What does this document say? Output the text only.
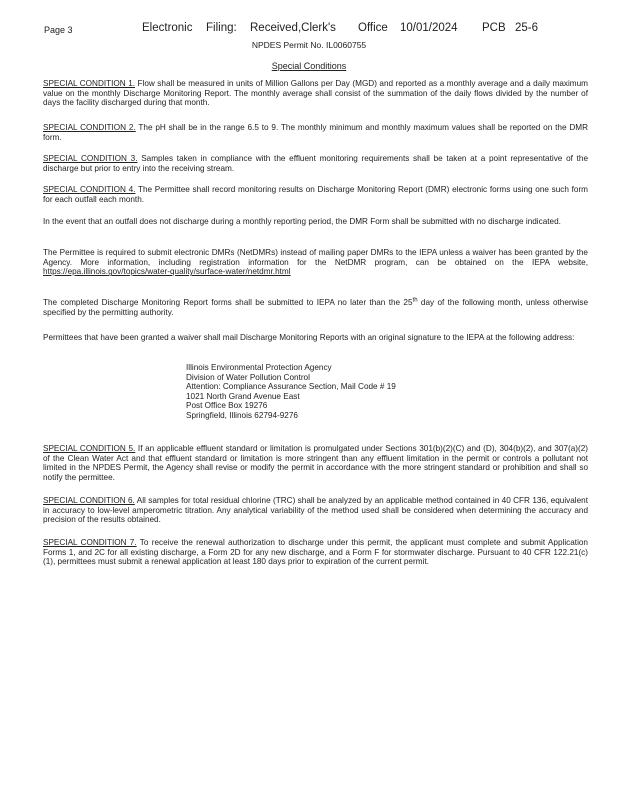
Page 3	Electronic Filing: Received,Clerk's Office 10/01/2024 PCB 25-6
NPDES Permit No. IL0060755
Special Conditions

SPECIAL CONDITION 1. Flow shall be measured in units of Million Gallons per Day (MGD) and reported as a monthly average and a daily maximum value on the monthly Discharge Monitoring Report. The monthly average shall consist of the summation of the daily flows divided by the number of days the facility discharged during that month.

SPECIAL CONDITION 2. The pH shall be in the range 6.5 to 9. The monthly minimum and monthly maximum values shall be reported on the DMR form.

SPECIAL CONDITION 3. Samples taken in compliance with the effluent monitoring requirements shall be taken at a point representative of the discharge but prior to entry into the receiving stream.

SPECIAL CONDITION 4. The Permittee shall record monitoring results on Discharge Monitoring Report (DMR) electronic forms using one such form for each outfall each month.

In the event that an outfall does not discharge during a monthly reporting period, the DMR Form shall be submitted with no discharge indicated.

The Permittee is required to submit electronic DMRs (NetDMRs) instead of mailing paper DMRs to the IEPA unless a waiver has been granted by the Agency. More information, including registration information for the NetDMR program, can be obtained on the IEPA website, https://epa.illinois.gov/topics/water-quality/surface-water/netdmr.html

The completed Discharge Monitoring Report forms shall be submitted to IEPA no later than the 25th day of the following month, unless otherwise specified by the permitting authority.

Permittees that have been granted a waiver shall mail Discharge Monitoring Reports with an original signature to the IEPA at the following address:

Illinois Environmental Protection Agency
Division of Water Pollution Control
Attention: Compliance Assurance Section, Mail Code # 19
1021 North Grand Avenue East
Post Office Box 19276
Springfield, Illinois 62794-9276

SPECIAL CONDITION 5. If an applicable effluent standard or limitation is promulgated under Sections 301(b)(2)(C) and (D), 304(b)(2), and 307(a)(2) of the Clean Water Act and that effluent standard or limitation is more stringent than any effluent limitation in the permit or controls a pollutant not limited in the NPDES Permit, the Agency shall revise or modify the permit in accordance with the more stringent standard or prohibition and shall so notify the permittee.

SPECIAL CONDITION 6. All samples for total residual chlorine (TRC) shall be analyzed by an applicable method contained in 40 CFR 136, equivalent in accuracy to low-level amperometric titration. Any analytical variability of the method used shall be considered when determining the accuracy and precision of the results obtained.

SPECIAL CONDITION 7. To receive the renewal authorization to discharge under this permit, the applicant must complete and submit Application Forms 1, and 2C for all existing discharge, a Form 2D for any new discharge, and a Form F for stormwater discharge. Pursuant to 40 CFR 122.21(c)(1), permittees must submit a renewal application at least 180 days prior to expiration of the current permit.
